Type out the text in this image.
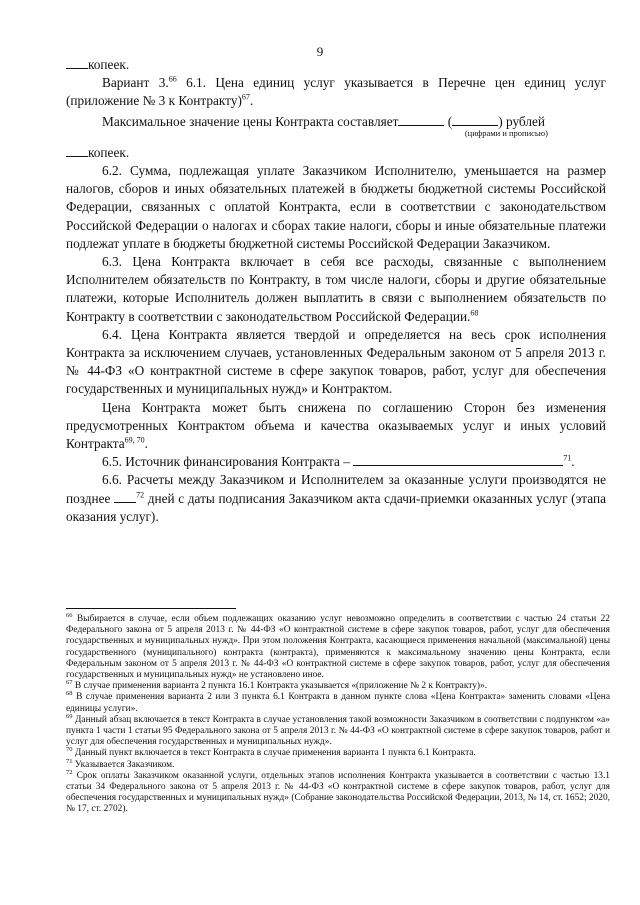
9

копеек.

Вариант 3.66 6.1. Цена единиц услуг указывается в Перечне цен единиц услуг (приложение № 3 к Контракту)$^{67}$.

Максимальное значение цены Контракта составляет	(	) рублей
(цифрами и прописью)

копеек.

6.2. Сумма, подлежащая уплате Заказчиком Исполнителю, уменьшается на размер налогов, сборов и иных обязательных платежей в бюджеты бюджетной системы Российской Федерации, связанных с оплатой Контракта, если в соответствии с законодательством Российской Федерации о налогах и сборах такие налоги, сборы и иные обязательные платежи подлежат уплате в бюджеты бюджетной системы Российской Федерации Заказчиком.

6.3. Цена Контракта включает в себя все расходы, связанные с выполнением Исполнителем обязательств по Контракту, в том числе налоги, сборы и другие обязательные платежи, которые Исполнитель должен выплатить в связи с выполнением обязательств по Контракту в соответствии с законодательством Российской Федерации.$^{68}$

6.4. Цена Контракта является твердой и определяется на весь срок исполнения Контракта за исключением случаев, установленных Федеральным законом от 5 апреля 2013 г. № 44-ФЗ «О контрактной системе в сфере закупок товаров, работ, услуг для обеспечения государственных и муниципальных нужд» и Контрактом.

Цена Контракта может быть снижена по соглашению Сторон без изменения предусмотренных Контрактом объема и качества оказываемых услуг и иных условий Контракта$^{69, 70}$.

6.5. Источник финансирования Контракта –	$^{71}$.

6.6. Расчеты между Заказчиком и Исполнителем за оказанные услуги производятся не позднее	$^{72}$ дней с даты подписания Заказчиком акта сдачи-приемки оказанных услуг (этапа оказания услуг).

$^{66}$ Выбирается в случае, если объем подлежащих оказанию услуг невозможно определить в соответствии с частью 24 статьи 22 Федерального закона от 5 апреля 2013 г. № 44-ФЗ «О контрактной системе в сфере закупок товаров, работ, услуг для обеспечения государственных и муниципальных нужд». При этом положения Контракта, касающиеся применения начальной (максимальной) цены государственного (муниципального) контракта (контракта), применяются к максимальному значению цены Контракта, если Федеральным законом от 5 апреля 2013 г. № 44-ФЗ «О контрактной системе в сфере закупок товаров, работ, услуг для обеспечения государственных и муниципальных нужд» не установлено иное.

$^{67}$ В случае применения варианта 2 пункта 16.1 Контракта указывается «(приложение № 2 к Контракту)».

$^{68}$ В случае применения варианта 2 или 3 пункта 6.1 Контракта в данном пункте слова «Цена Контракта» заменить словами «Цена единицы услуги».

$^{69}$ Данный абзац включается в текст Контракта в случае установления такой возможности Заказчиком в соответствии с подпунктом «а» пункта 1 части 1 статьи 95 Федерального закона от 5 апреля 2013 г. № 44-ФЗ «О контрактной системе в сфере закупок товаров, работ и услуг для обеспечения государственных и муниципальных нужд».

$^{70}$ Данный пункт включается в текст Контракта в случае применения варианта 1 пункта 6.1 Контракта.

$^{71}$ Указывается Заказчиком.

$^{72}$ Срок оплаты Заказчиком оказанной услуги, отдельных этапов исполнения Контракта указывается в соответствии с частью 13.1 статьи 34 Федерального закона от 5 апреля 2013 г. № 44-ФЗ «О контрактной системе в сфере закупок товаров, работ, услуг для обеспечения государственных и муниципальных нужд» (Собрание законодательства Российской Федерации, 2013, № 14, ст. 1652; 2020, № 17, ст. 2702).
